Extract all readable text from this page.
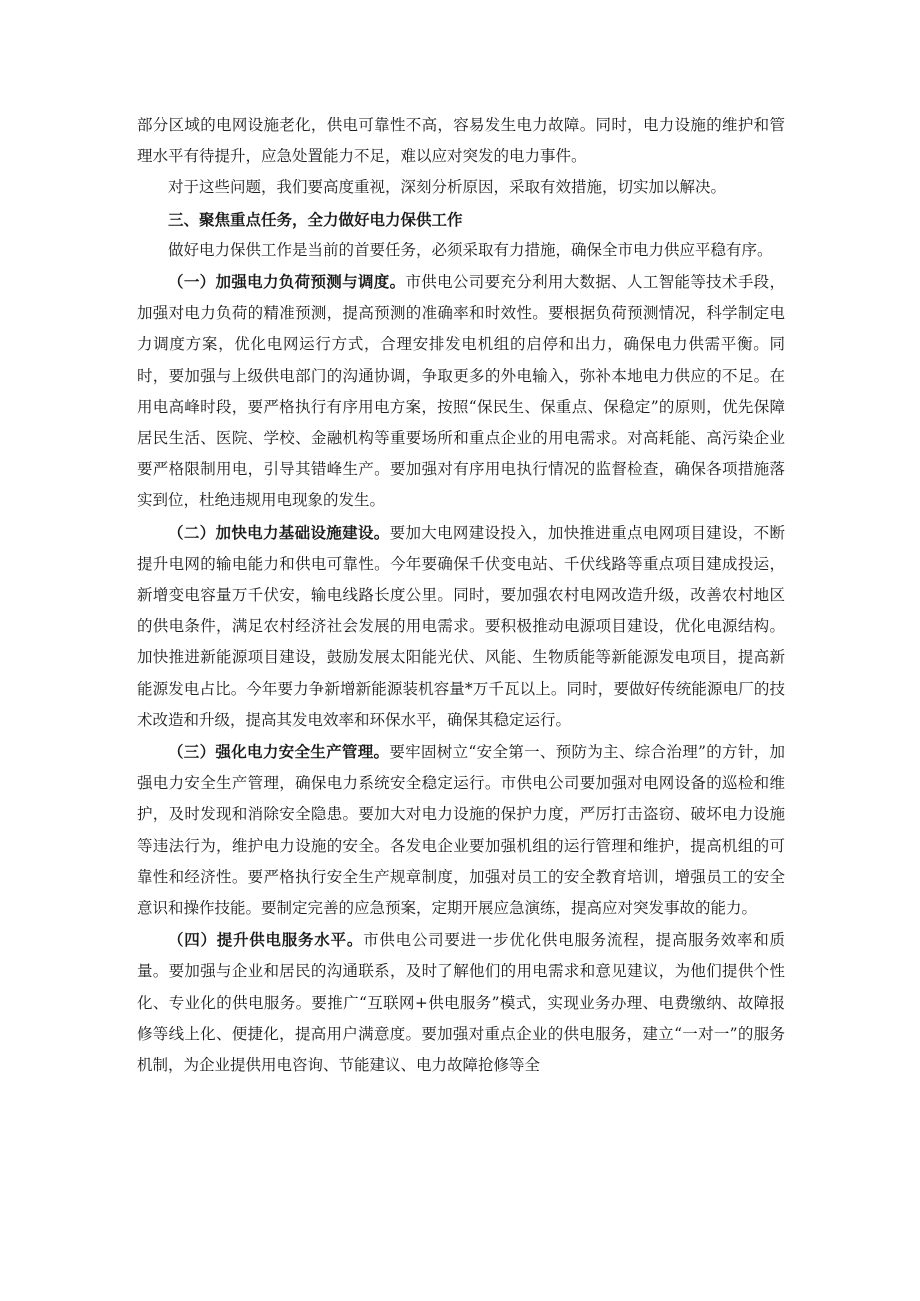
部分区域的电网设施老化，供电可靠性不高，容易发生电力故障。同时，电力设施的维护和管理水平有待提升，应急处置能力不足，难以应对突发的电力事件。

对于这些问题，我们要高度重视，深刻分析原因，采取有效措施，切实加以解决。

三、聚焦重点任务，全力做好电力保供工作

做好电力保供工作是当前的首要任务，必须采取有力措施，确保全市电力供应平稳有序。

（一）加强电力负荷预测与调度。市供电公司要充分利用大数据、人工智能等技术手段，加强对电力负荷的精准预测，提高预测的准确率和时效性。要根据负荷预测情况，科学制定电力调度方案，优化电网运行方式，合理安排发电机组的启停和出力，确保电力供需平衡。同时，要加强与上级供电部门的沟通协调，争取更多的外电输入，弥补本地电力供应的不足。在用电高峰时段，要严格执行有序用电方案，按照“保民生、保重点、保稳定”的原则，优先保障居民生活、医院、学校、金融机构等重要场所和重点企业的用电需求。对高耗能、高污染企业要严格限制用电，引导其错峰生产。要加强对有序用电执行情况的监督检查，确保各项措施落实到位，杜绝违规用电现象的发生。

（二）加快电力基础设施建设。要加大电网建设投入，加快推进重点电网项目建设，不断提升电网的输电能力和供电可靠性。今年要确保千伏变电站、千伏线路等重点项目建成投运，新增变电容量万千伏安，输电线路长度公里。同时，要加强农村电网改造升级，改善农村地区的供电条件，满足农村经济社会发展的用电需求。要积极推动电源项目建设，优化电源结构。加快推进新能源项目建设，鼓励发展太阳能光伏、风能、生物质能等新能源发电项目，提高新能源发电占比。今年要力争新增新能源装机容量*万千瓦以上。同时，要做好传统能源电厂的技术改造和升级，提高其发电效率和环保水平，确保其稳定运行。

（三）强化电力安全生产管理。要牢固树立“安全第一、预防为主、综合治理”的方针，加强电力安全生产管理，确保电力系统安全稳定运行。市供电公司要加强对电网设备的巡检和维护，及时发现和消除安全隐患。要加大对电力设施的保护力度，严厉打击盗窃、破坏电力设施等违法行为，维护电力设施的安全。各发电企业要加强机组的运行管理和维护，提高机组的可靠性和经济性。要严格执行安全生产规章制度，加强对员工的安全教育培训，增强员工的安全意识和操作技能。要制定完善的应急预案，定期开展应急演练，提高应对突发事故的能力。

（四）提升供电服务水平。市供电公司要进一步优化供电服务流程，提高服务效率和质量。要加强与企业和居民的沟通联系，及时了解他们的用电需求和意见建议，为他们提供个性化、专业化的供电服务。要推广“互联网+供电服务”模式，实现业务办理、电费缴纳、故障报修等线上化、便捷化，提高用户满意度。要加强对重点企业的供电服务，建立“一对一”的服务机制，为企业提供用电咨询、节能建议、电力故障抢修等全
